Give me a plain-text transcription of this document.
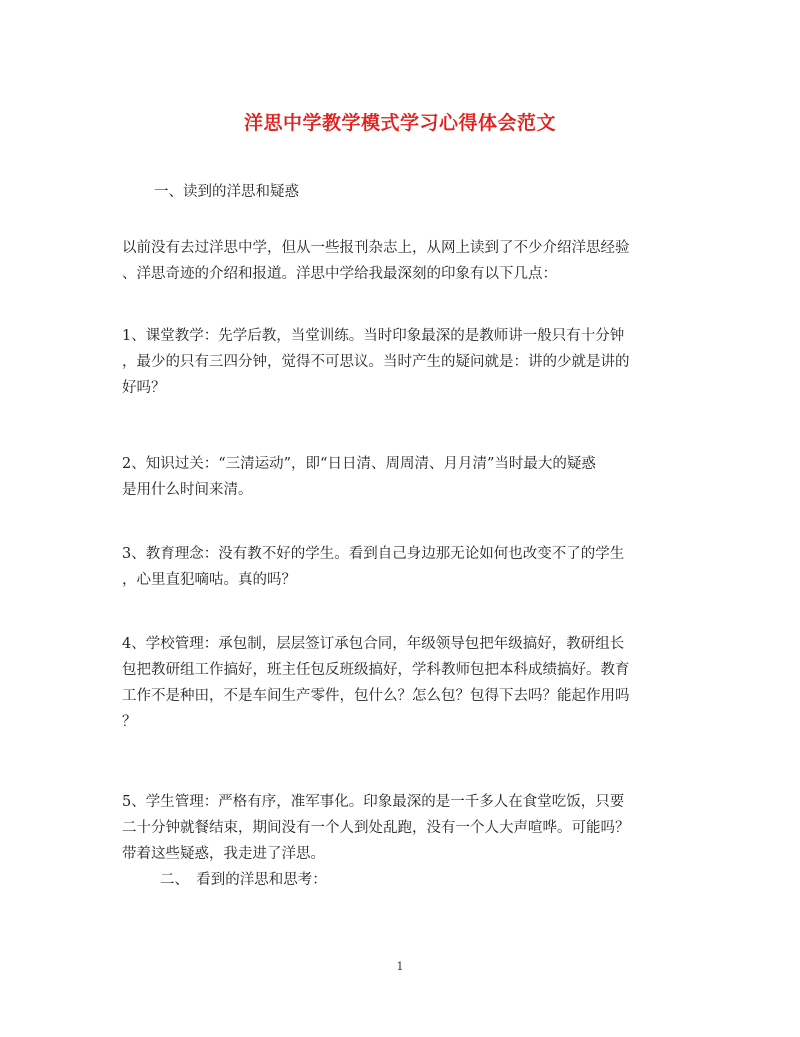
洋思中学教学模式学习心得体会范文

一、读到的洋思和疑惑

以前没有去过洋思中学，但从一些报刊杂志上，从网上读到了不少介绍洋思经验
、洋思奇迹的介绍和报道。洋思中学给我最深刻的印象有以下几点：

1、课堂教学：先学后教，当堂训练。当时印象最深的是教师讲一般只有十分钟
，最少的只有三四分钟，觉得不可思议。当时产生的疑问就是：讲的少就是讲的
好吗？

2、知识过关：“三清运动”，即“日日清、周周清、月月清”当时最大的疑惑
是用什么时间来清。

3、教育理念：没有教不好的学生。看到自己身边那无论如何也改变不了的学生
，心里直犯嘀咕。真的吗？

4、学校管理：承包制，层层签订承包合同，年级领导包把年级搞好，教研组长
包把教研组工作搞好，班主任包反班级搞好，学科教师包把本科成绩搞好。教育
工作不是种田，不是车间生产零件，包什么？怎么包？包得下去吗？能起作用吗
？

5、学生管理：严格有序，准军事化。印象最深的是一千多人在食堂吃饭，只要
二十分钟就餐结束，期间没有一个人到处乱跑，没有一个人大声喧哗。可能吗？
带着这些疑惑，我走进了洋思。

二、　看到的洋思和思考：

1
